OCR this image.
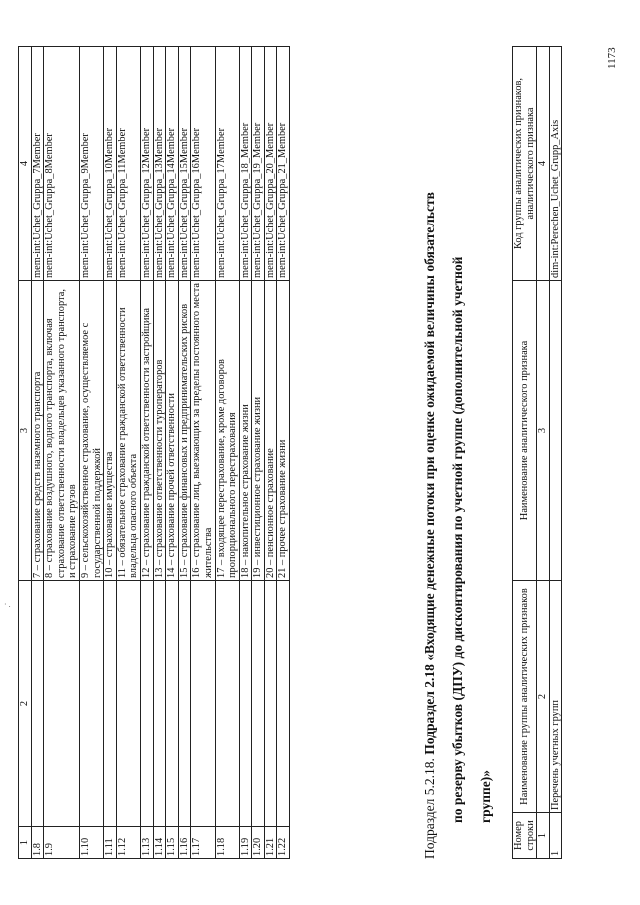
· .
1	2	3	4
1.8		7 – страхование средств наземного транспорта	mem-int:Uchet_Gruppa_7Member
1.9		8 – страхование воздушного, водного транспорта, включая страхование ответственности владельцев указанного транспорта, и страхование грузов	mem-int:Uchet_Gruppa_8Member
1.10		9 – сельскохозяйственное страхование, осуществляемое с государственной поддержкой	mem-int:Uchet_Gruppa_9Member
1.11		10 – страхование имущества	mem-int:Uchet_Gruppa_10Member
1.12		11 – обязательное страхование гражданской ответственности владельца опасного объекта	mem-int:Uchet_Gruppa_11Member
1.13		12 – страхование гражданской ответственности застройщика	mem-int:Uchet_Gruppa_12Member
1.14		13 – страхование ответственности туроператоров	mem-int:Uchet_Gruppa_13Member
1.15		14 – страхование прочей ответственности	mem-int:Uchet_Gruppa_14Member
1.16		15 – страхование финансовых и предпринимательских рисков	mem-int:Uchet_Gruppa_15Member
1.17		16 – страхование лиц, выезжающих за пределы постоянного места жительства	mem-int:Uchet_Gruppa_16Member
1.18		17 – входящее перестрахование, кроме договоров пропорционального перестрахования	mem-int:Uchet_Gruppa_17Member
1.19		18 – накопительное страхование жизни	mem-int:Uchet_Gruppa_18_Member
1.20		19 – инвестиционное страхование жизни	mem-int:Uchet_Gruppa_19_Member
1.21		20 – пенсионное страхование	mem-int:Uchet_Gruppa_20_Member
1.22		21 – прочее страхование жизни	mem-int:Uchet_Gruppa_21_Member
Подраздел 5.2.18. Подраздел 2.18 «Входящие денежные потоки при оценке ожидаемой величины обязательств по резерву убытков (ДПУ) до дисконтирования по учетной группе (дополнительной учетной группе)»
Номер строки	Наименование группы аналитических признаков	Наименование аналитического признака	Код группы аналитических признаков, аналитического признака
1	2	3	4
1	Перечень учетных групп		dim-int:Perechen_Uchet_Grupp_Axis
1173
